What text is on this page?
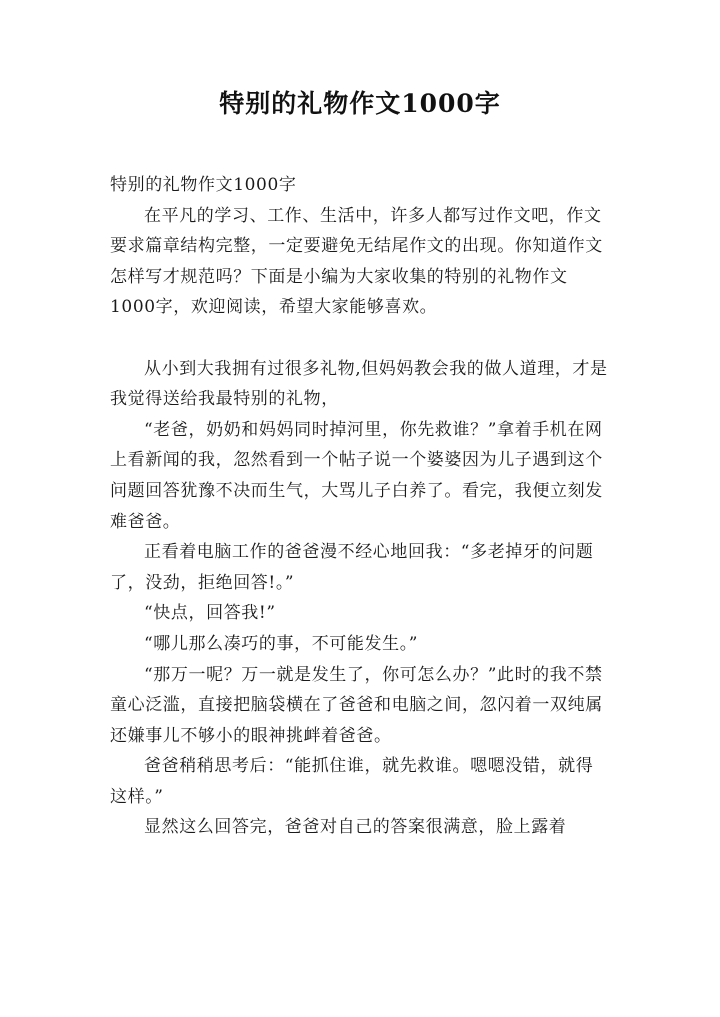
特别的礼物作文1000字

特别的礼物作文1000字

在平凡的学习、工作、生活中，许多人都写过作文吧，作文要求篇章结构完整，一定要避免无结尾作文的出现。你知道作文怎样写才规范吗？下面是小编为大家收集的特别的礼物作文1000字，欢迎阅读，希望大家能够喜欢。

从小到大我拥有过很多礼物,但妈妈教会我的做人道理，才是我觉得送给我最特别的礼物，

“老爸，奶奶和妈妈同时掉河里，你先救谁？”拿着手机在网上看新闻的我，忽然看到一个帖子说一个婆婆因为儿子遇到这个问题回答犹豫不决而生气，大骂儿子白养了。看完，我便立刻发难爸爸。

正看着电脑工作的爸爸漫不经心地回我：“多老掉牙的问题了，没劲，拒绝回答!。”

“快点，回答我!”

“哪儿那么凑巧的事，不可能发生。”

“那万一呢？万一就是发生了，你可怎么办？”此时的我不禁童心泛滥，直接把脑袋横在了爸爸和电脑之间，忽闪着一双纯属还嫌事儿不够小的眼神挑衅着爸爸。

爸爸稍稍思考后：“能抓住谁，就先救谁。嗯嗯没错，就得这样。”

显然这么回答完，爸爸对自己的答案很满意，脸上露着
